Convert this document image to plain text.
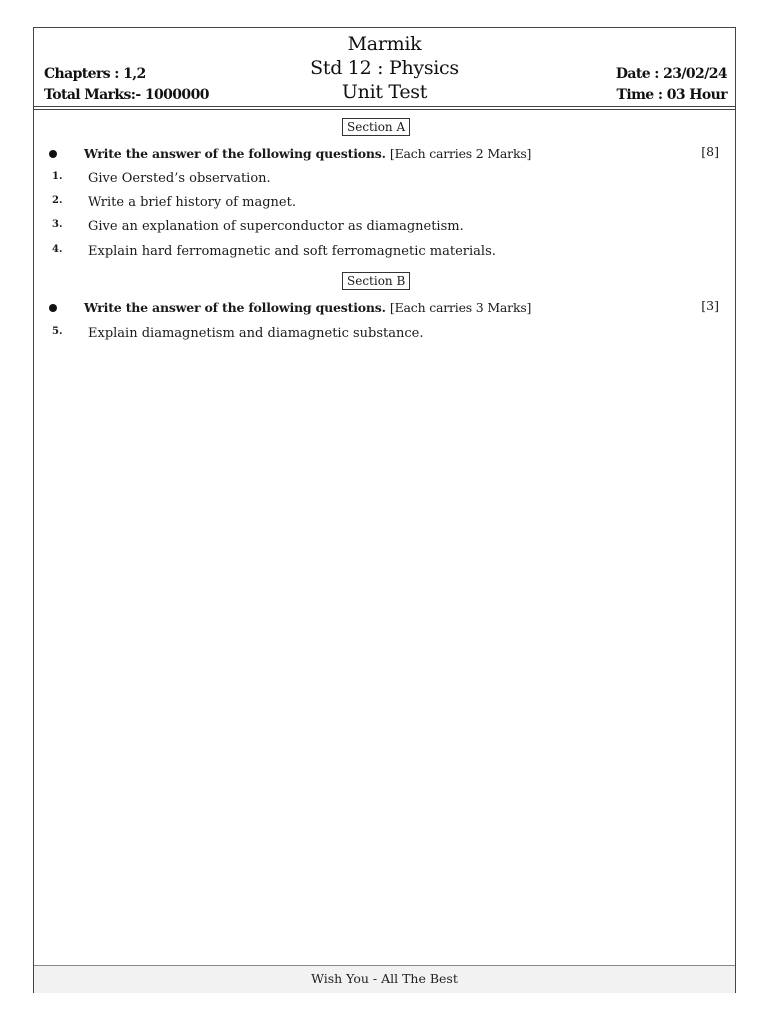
Marmik
Std 12 : Physics
Unit Test
Chapters : 1,2
Total Marks:- 1000000
Date : 23/02/24
Time : 03 Hour
Section A
Write the answer of the following questions. [Each carries 2 Marks]	[8]
1. Give Oersted’s observation.
2. Write a brief history of magnet.
3. Give an explanation of superconductor as diamagnetism.
4. Explain hard ferromagnetic and soft ferromagnetic materials.
Section B
Write the answer of the following questions. [Each carries 3 Marks]	[3]
5. Explain diamagnetism and diamagnetic substance.
Wish You - All The Best
